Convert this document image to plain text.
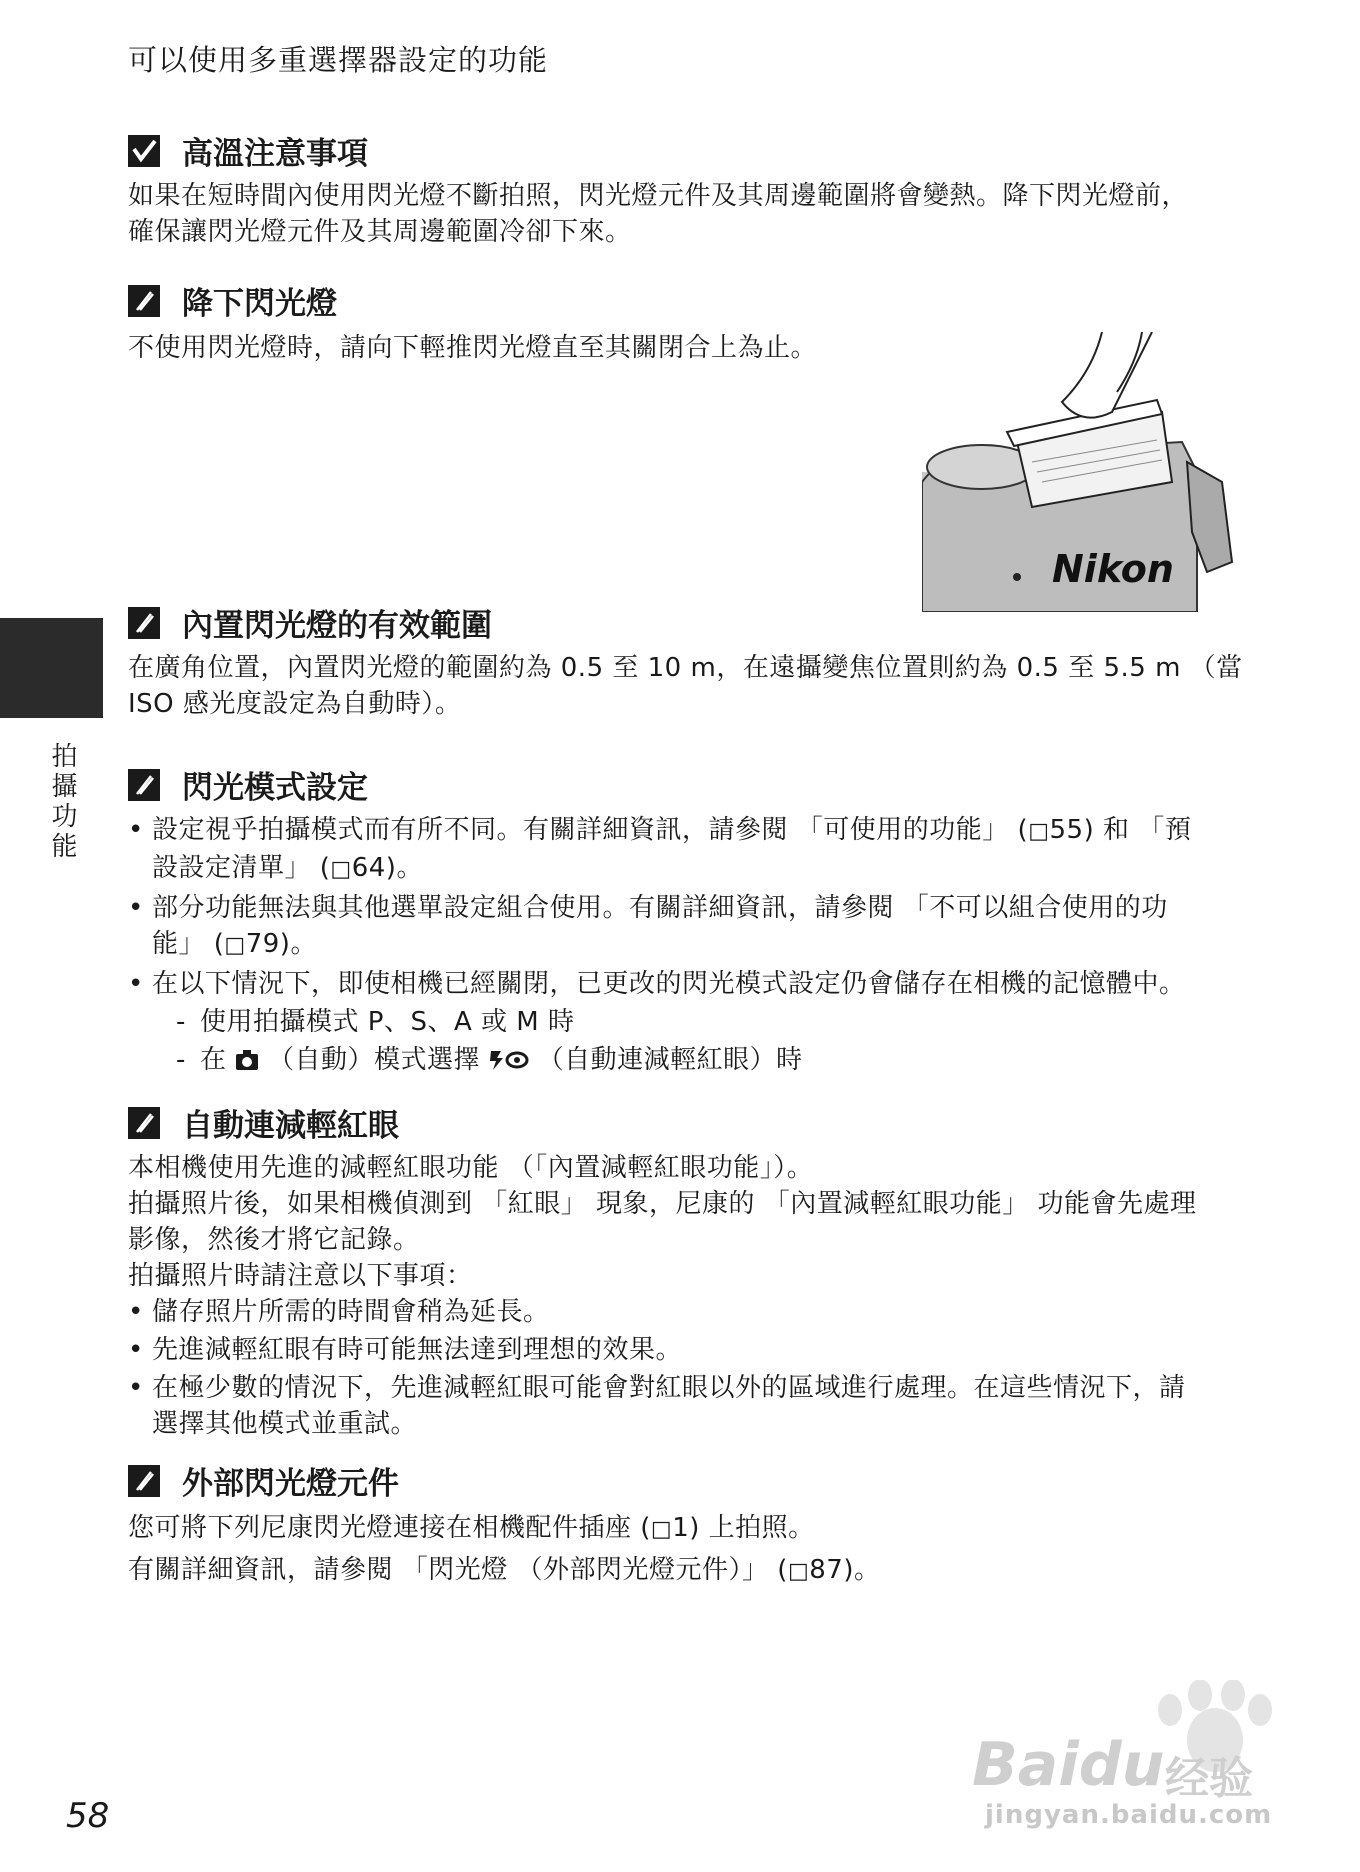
可以使用多重選擇器設定的功能
高溫注意事項

如果在短時間內使用閃光燈不斷拍照，閃光燈元件及其周邊範圍將會變熱。降下閃光燈前，

確保讓閃光燈元件及其周邊範圍冷卻下來。

降下閃光燈
不使用閃光燈時，請向下輕推閃光燈直至其關閉合上為止。
Nikon
內置閃光燈的有效範圍

在廣角位置，內置閃光燈的範圍約為 0.5 至 10 m，在遠攝變焦位置則約為 0.5 至 5.5 m （當

ISO 感光度設定為自動時）。

拍攝功能	閃光模式設定
• 設定視乎拍攝模式而有所不同。有關詳細資訊，請參閱 「可使用的功能」 (□55) 和 「預
設設定清單」 (□64)。
• 部分功能無法與其他選單設定組合使用。有關詳細資訊，請參閱 「不可以組合使用的功
能」 (□79)。
• 在以下情況下，即使相機已經關閉，已更改的閃光模式設定仍會儲存在相機的記憶體中。
- 使用拍攝模式 P、S、A 或 M 時
- 在 （自動）模式選擇 （自動連減輕紅眼）時
自動連減輕紅眼

本相機使用先進的減輕紅眼功能 （「內置減輕紅眼功能」）。

拍攝照片後，如果相機偵測到 「紅眼」 現象，尼康的 「內置減輕紅眼功能」 功能會先處理

影像，然後才將它記錄。

拍攝照片時請注意以下事項：

• 儲存照片所需的時間會稍為延長。
• 先進減輕紅眼有時可能無法達到理想的效果。
• 在極少數的情況下，先進減輕紅眼可能會對紅眼以外的區域進行處理。在這些情況下，請
選擇其他模式並重試。
外部閃光燈元件

您可將下列尼康閃光燈連接在相機配件插座 (□1) 上拍照。

有關詳細資訊，請參閱 「閃光燈 （外部閃光燈元件）」 (□87)。

58
Baidu 经验
jingyan.baidu.com
